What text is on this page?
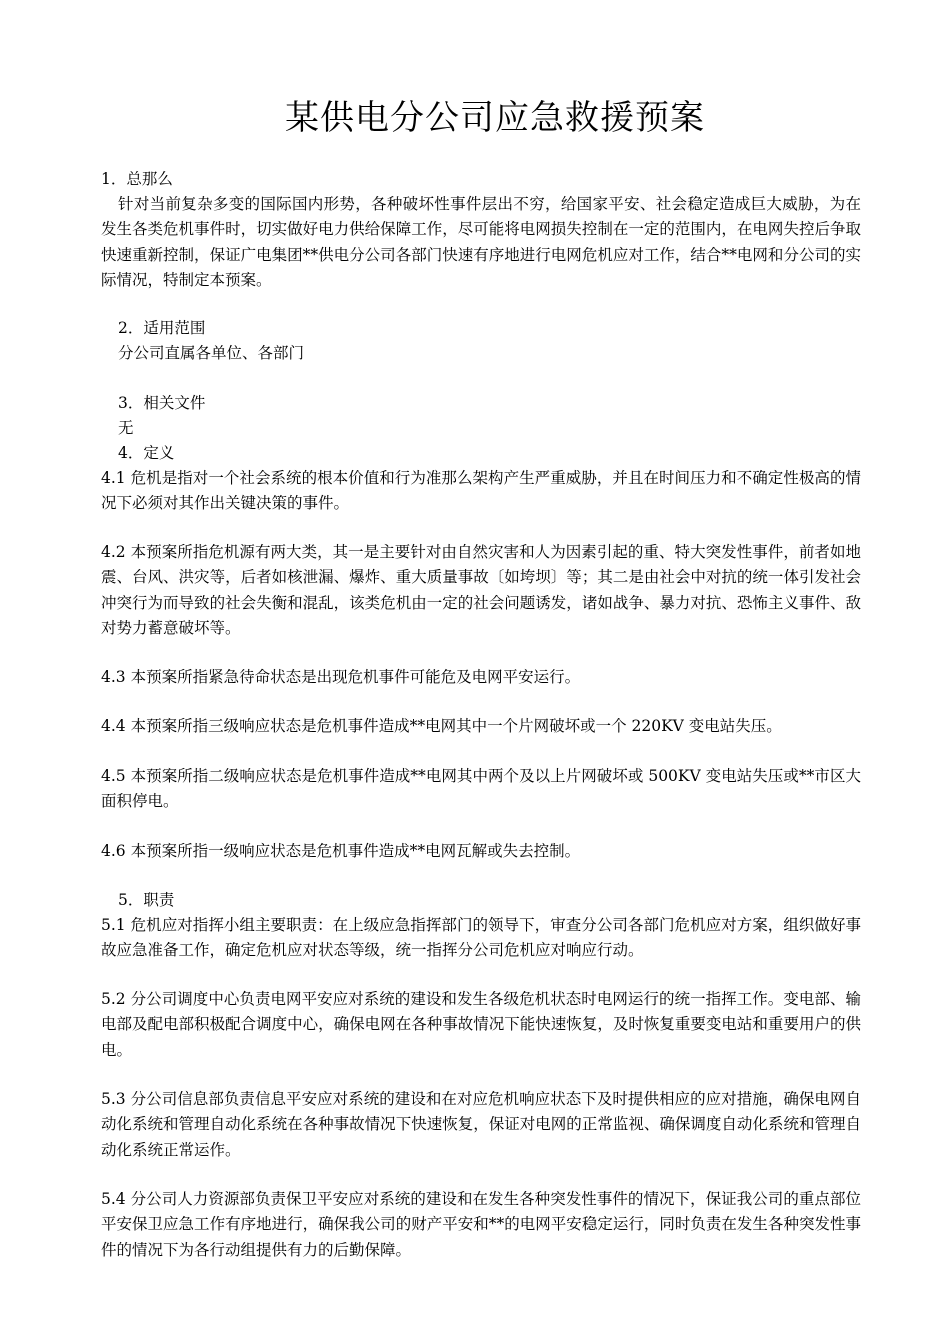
某供电分公司应急救援预案
1．总那么
针对当前复杂多变的国际国内形势，各种破坏性事件层出不穷，给国家平安、社会稳定造成巨大威胁，为在发生各类危机事件时，切实做好电力供给保障工作，尽可能将电网损失控制在一定的范围内，在电网失控后争取快速重新控制，保证广电集团**供电分公司各部门快速有序地进行电网危机应对工作，结合**电网和分公司的实际情况，特制定本预案。
2．适用范围
分公司直属各单位、各部门
3．相关文件
无
4．定义
4.1 危机是指对一个社会系统的根本价值和行为准那么架构产生严重威胁，并且在时间压力和不确定性极高的情况下必须对其作出关键决策的事件。
4.2 本预案所指危机源有两大类，其一是主要针对由自然灾害和人为因素引起的重、特大突发性事件，前者如地震、台风、洪灾等，后者如核泄漏、爆炸、重大质量事故〔如垮坝〕等；其二是由社会中对抗的统一体引发社会冲突行为而导致的社会失衡和混乱，该类危机由一定的社会问题诱发，诸如战争、暴力对抗、恐怖主义事件、敌对势力蓄意破坏等。
4.3 本预案所指紧急待命状态是出现危机事件可能危及电网平安运行。
4.4 本预案所指三级响应状态是危机事件造成**电网其中一个片网破坏或一个 220KV 变电站失压。
4.5 本预案所指二级响应状态是危机事件造成**电网其中两个及以上片网破坏或 500KV 变电站失压或**市区大面积停电。
4.6 本预案所指一级响应状态是危机事件造成**电网瓦解或失去控制。
5．职责
5.1 危机应对指挥小组主要职责：在上级应急指挥部门的领导下，审查分公司各部门危机应对方案，组织做好事故应急准备工作，确定危机应对状态等级，统一指挥分公司危机应对响应行动。
5.2 分公司调度中心负责电网平安应对系统的建设和发生各级危机状态时电网运行的统一指挥工作。变电部、输电部及配电部积极配合调度中心，确保电网在各种事故情况下能快速恢复，及时恢复重要变电站和重要用户的供电。
5.3 分公司信息部负责信息平安应对系统的建设和在对应危机响应状态下及时提供相应的应对措施，确保电网自动化系统和管理自动化系统在各种事故情况下快速恢复，保证对电网的正常监视、确保调度自动化系统和管理自动化系统正常运作。
5.4 分公司人力资源部负责保卫平安应对系统的建设和在发生各种突发性事件的情况下，保证我公司的重点部位平安保卫应急工作有序地进行，确保我公司的财产平安和**的电网平安稳定运行，同时负责在发生各种突发性事件的情况下为各行动组提供有力的后勤保障。
